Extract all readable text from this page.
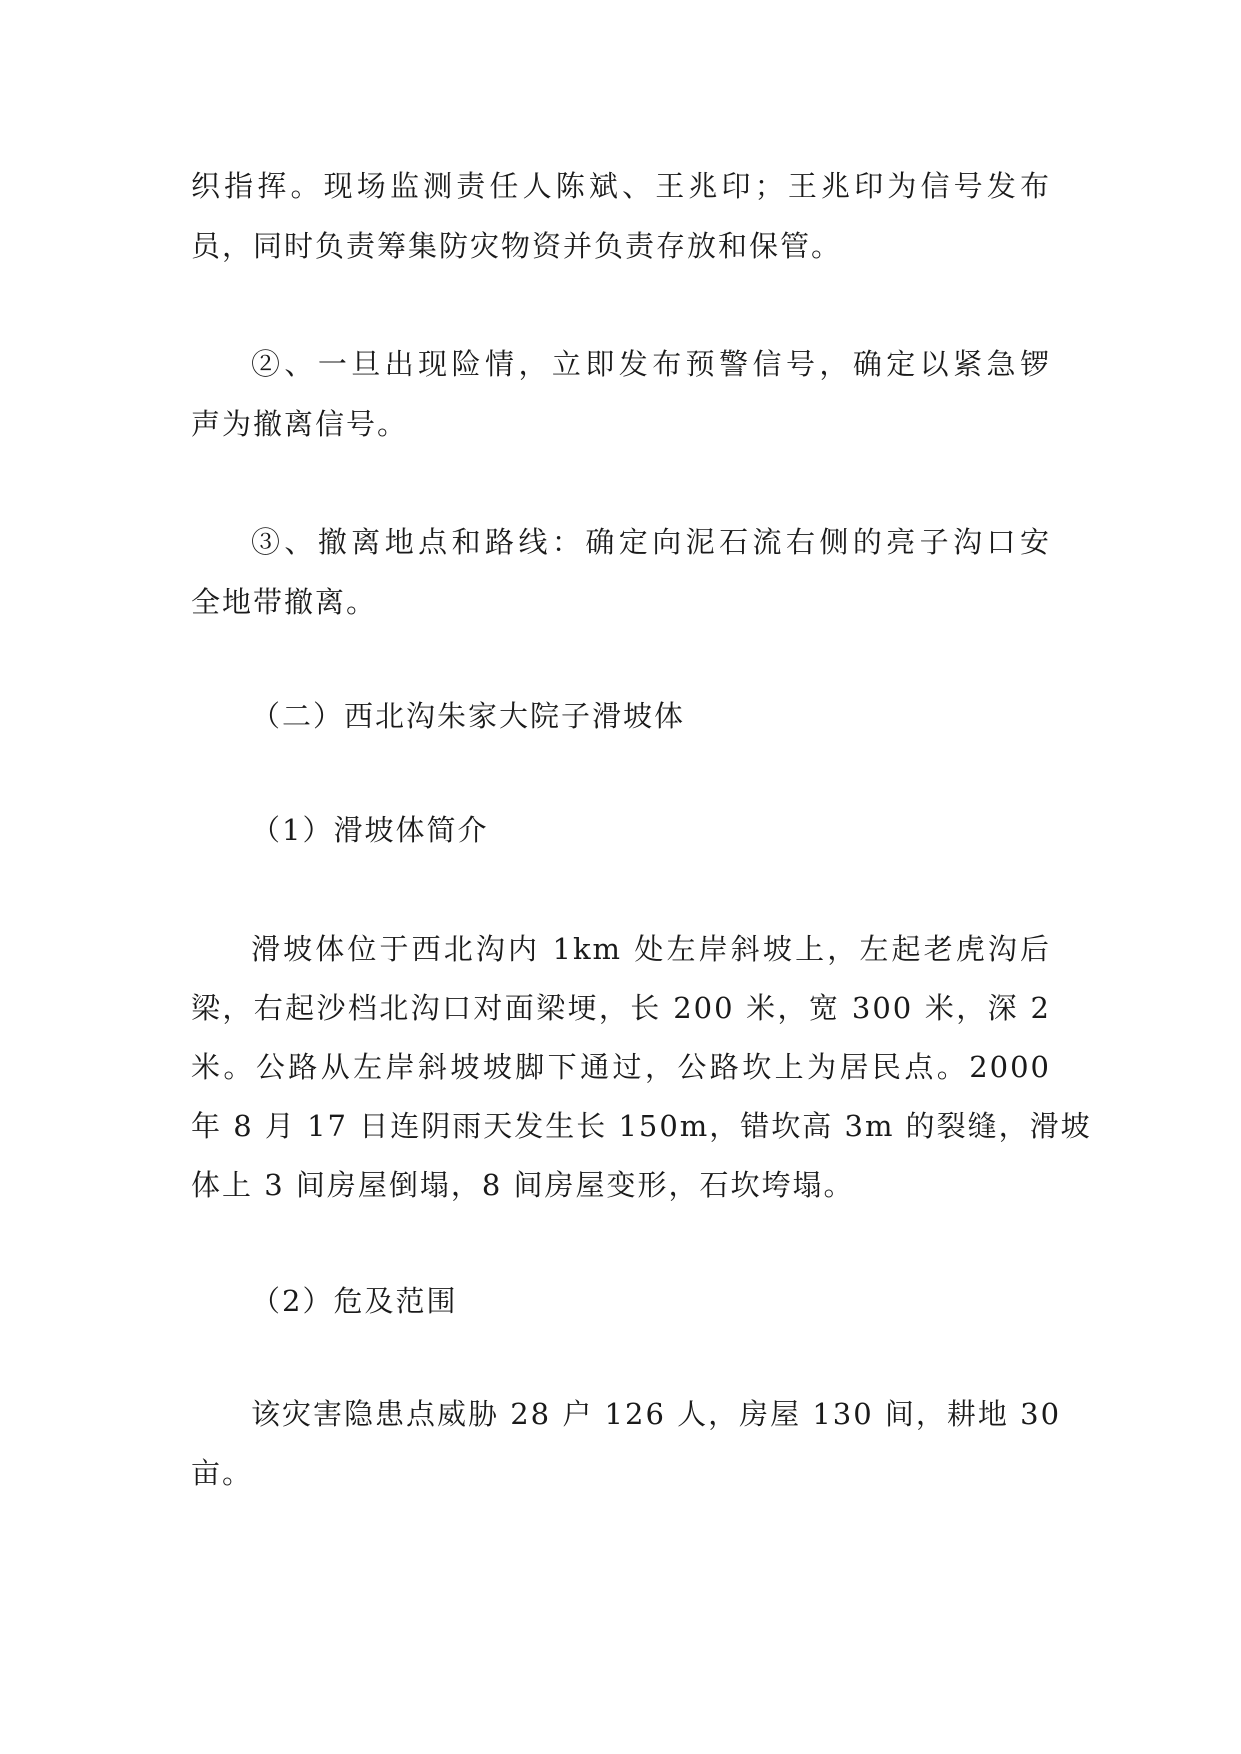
织指挥。现场监测责任人陈斌、王兆印；王兆印为信号发布
员，同时负责筹集防灾物资并负责存放和保管。
②、一旦出现险情，立即发布预警信号，确定以紧急锣
声为撤离信号。
③、撤离地点和路线：确定向泥石流右侧的亮子沟口安
全地带撤离。
（二）西北沟朱家大院子滑坡体
（1）滑坡体简介
滑坡体位于西北沟内 1km 处左岸斜坡上，左起老虎沟后
梁，右起沙档北沟口对面梁埂，长 200 米，宽 300 米，深 2
米。公路从左岸斜坡坡脚下通过，公路坎上为居民点。2000
年 8 月 17 日连阴雨天发生长 150m，错坎高 3m 的裂缝，滑坡
体上 3 间房屋倒塌，8 间房屋变形，石坎垮塌。
（2）危及范围
该灾害隐患点威胁 28 户 126 人，房屋 130 间，耕地 30
亩。
